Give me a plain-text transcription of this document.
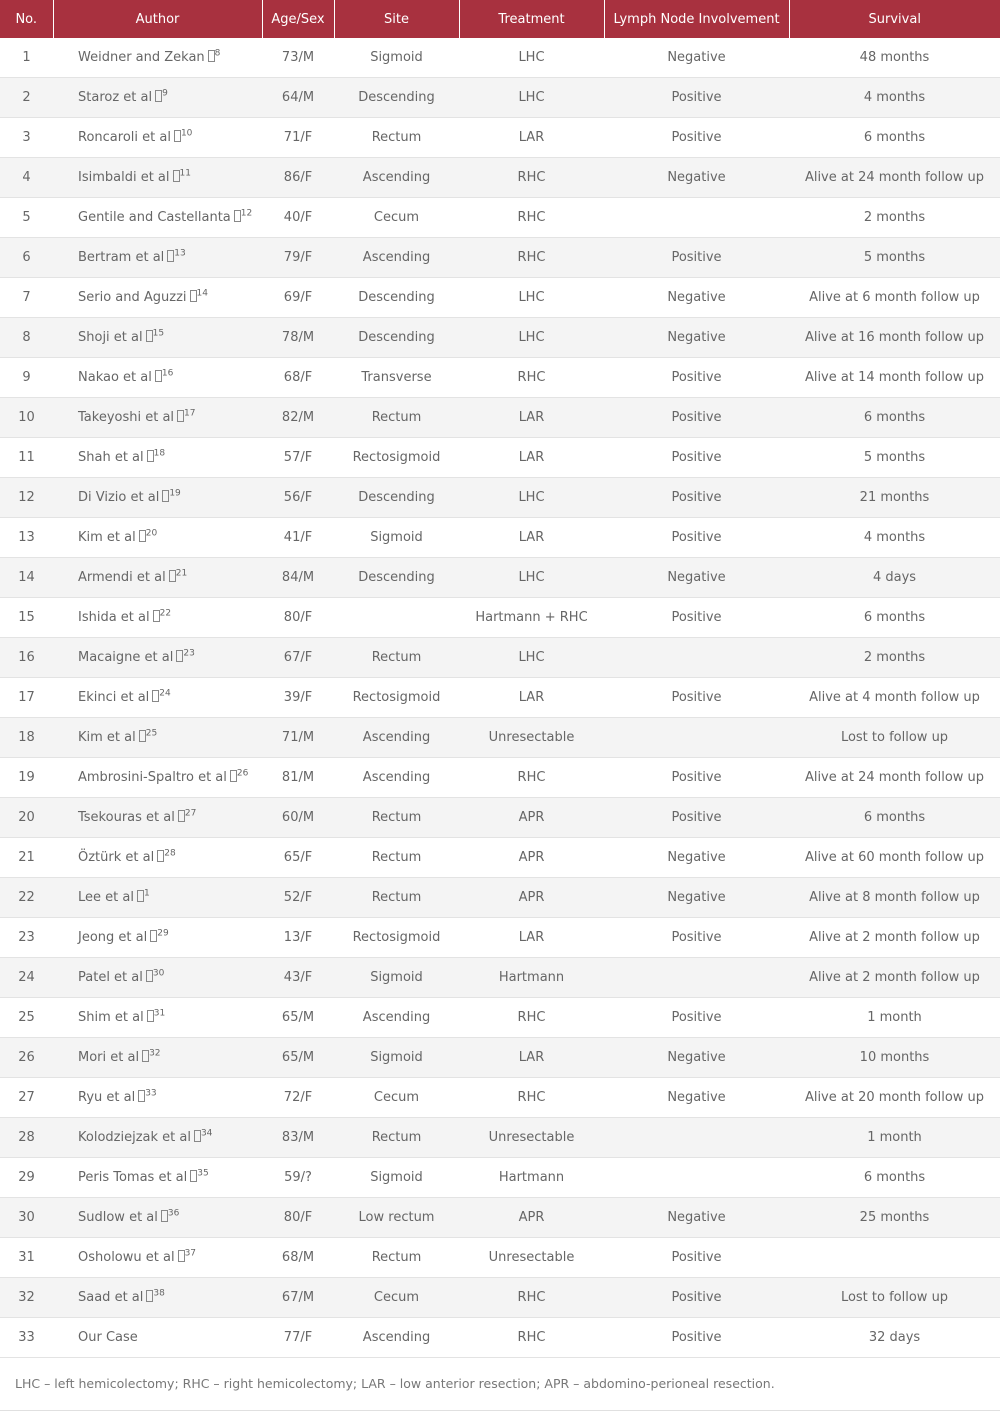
No.	Author	Age/Sex	Site	Treatment	Lymph Node Involvement	Survival
1	Weidner and Zekan $^8$	73/M	Sigmoid	LHC	Negative	48 months
2	Staroz et al $^9$	64/M	Descending	LHC	Positive	4 months
3	Roncaroli et al $^{10}$	71/F	Rectum	LAR	Positive	6 months
4	Isimbaldi et al $^{11}$	86/F	Ascending	RHC	Negative	Alive at 24 month follow up
5	Gentile and Castellanta $^{12}$	40/F	Cecum	RHC		2 months
6	Bertram et al $^{13}$	79/F	Ascending	RHC	Positive	5 months
7	Serio and Aguzzi $^{14}$	69/F	Descending	LHC	Negative	Alive at 6 month follow up
8	Shoji et al $^{15}$	78/M	Descending	LHC	Negative	Alive at 16 month follow up
9	Nakao et al $^{16}$	68/F	Transverse	RHC	Positive	Alive at 14 month follow up
10	Takeyoshi et al $^{17}$	82/M	Rectum	LAR	Positive	6 months
11	Shah et al $^{18}$	57/F	Rectosigmoid	LAR	Positive	5 months
12	Di Vizio et al $^{19}$	56/F	Descending	LHC	Positive	21 months
13	Kim et al $^{20}$	41/F	Sigmoid	LAR	Positive	4 months
14	Armendi et al $^{21}$	84/M	Descending	LHC	Negative	4 days
15	Ishida et al $^{22}$	80/F		Hartmann + RHC	Positive	6 months
16	Macaigne et al $^{23}$	67/F	Rectum	LHC		2 months
17	Ekinci et al $^{24}$	39/F	Rectosigmoid	LAR	Positive	Alive at 4 month follow up
18	Kim et al $^{25}$	71/M	Ascending	Unresectable		Lost to follow up
19	Ambrosini-Spaltro et al $^{26}$	81/M	Ascending	RHC	Positive	Alive at 24 month follow up
20	Tsekouras et al $^{27}$	60/M	Rectum	APR	Positive	6 months
21	Öztürk et al $^{28}$	65/F	Rectum	APR	Negative	Alive at 60 month follow up
22	Lee et al $^1$	52/F	Rectum	APR	Negative	Alive at 8 month follow up
23	Jeong et al $^{29}$	13/F	Rectosigmoid	LAR	Positive	Alive at 2 month follow up
24	Patel et al $^{30}$	43/F	Sigmoid	Hartmann		Alive at 2 month follow up
25	Shim et al $^{31}$	65/M	Ascending	RHC	Positive	1 month
26	Mori et al $^{32}$	65/M	Sigmoid	LAR	Negative	10 months
27	Ryu et al $^{33}$	72/F	Cecum	RHC	Negative	Alive at 20 month follow up
28	Kolodziejzak et al $^{34}$	83/M	Rectum	Unresectable		1 month
29	Peris Tomas et al $^{35}$	59/?	Sigmoid	Hartmann		6 months
30	Sudlow et al $^{36}$	80/F	Low rectum	APR	Negative	25 months
31	Osholowu et al $^{37}$	68/M	Rectum	Unresectable	Positive	
32	Saad et al $^{38}$	67/M	Cecum	RHC	Positive	Lost to follow up
33	Our Case	77/F	Ascending	RHC	Positive	32 days
LHC – left hemicolectomy; RHC – right hemicolectomy; LAR – low anterior resection; APR – abdomino-perioneal resection.
